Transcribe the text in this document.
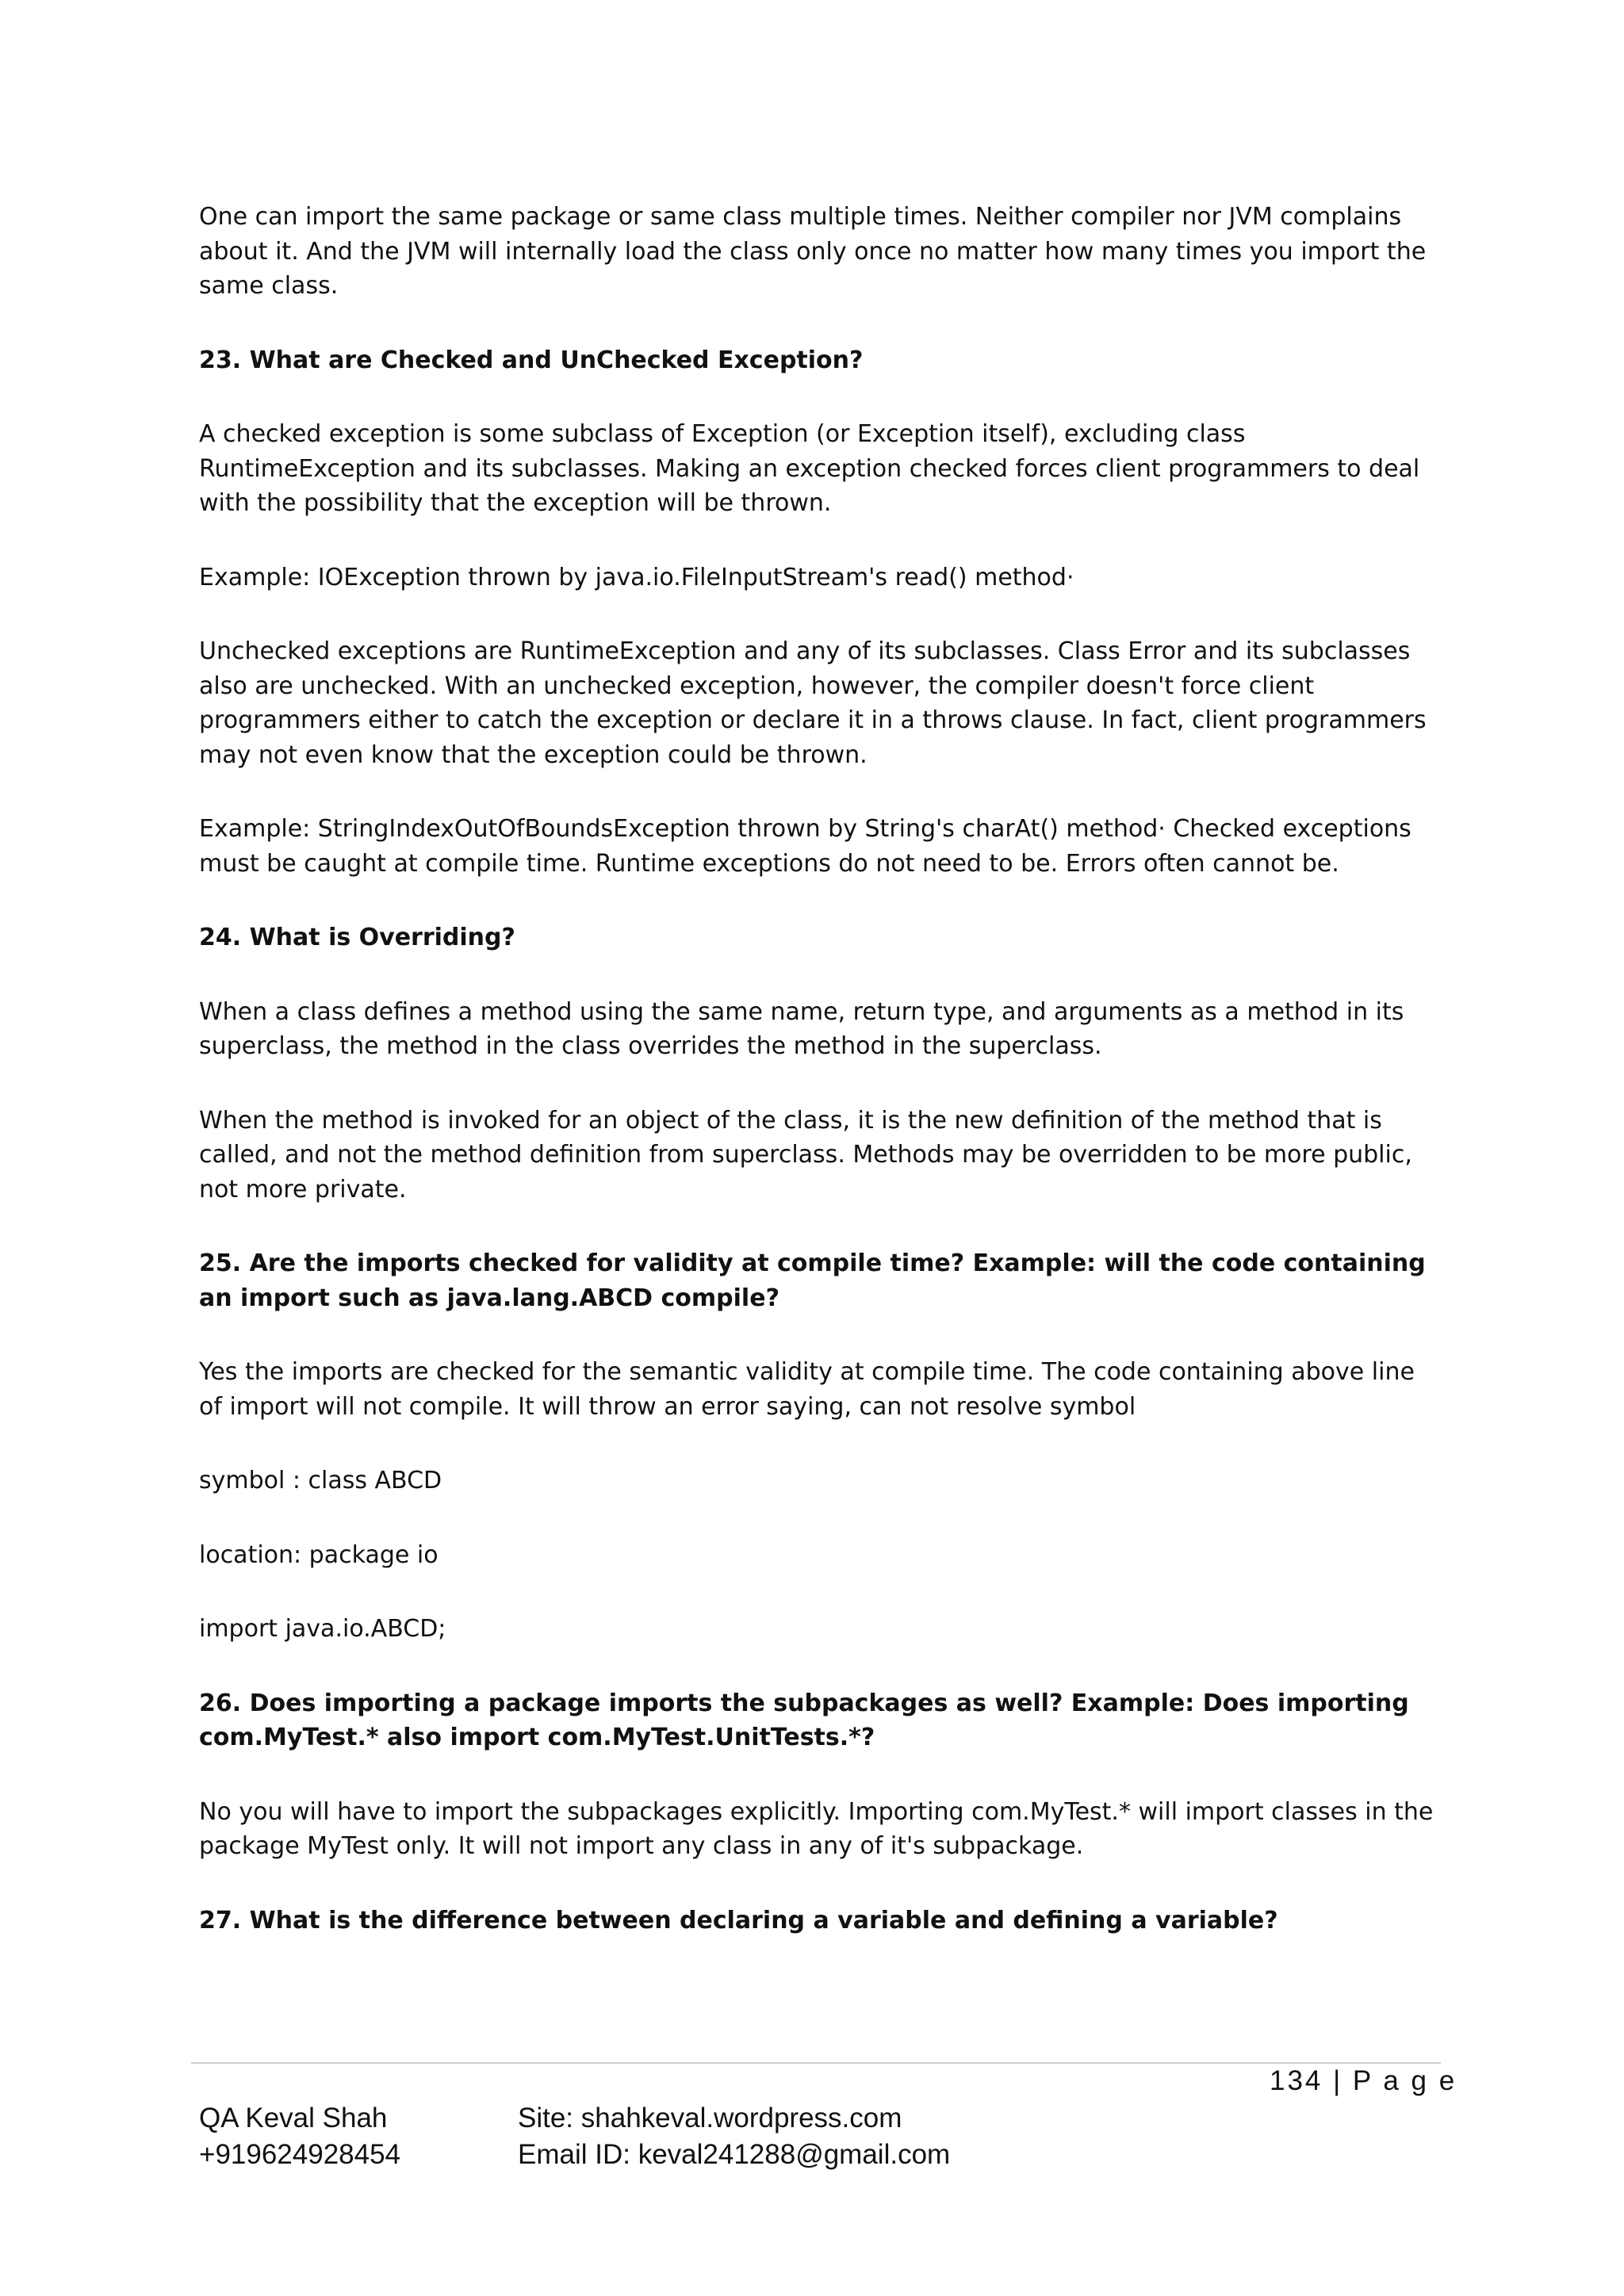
One can import the same package or same class multiple times. Neither compiler nor JVM complains about it. And the JVM will internally load the class only once no matter how many times you import the same class.

23. What are Checked and UnChecked Exception?

A checked exception is some subclass of Exception (or Exception itself), excluding class RuntimeException and its subclasses. Making an exception checked forces client programmers to deal with the possibility that the exception will be thrown.

Example: IOException thrown by java.io.FileInputStream's read() method·

Unchecked exceptions are RuntimeException and any of its subclasses. Class Error and its subclasses also are unchecked. With an unchecked exception, however, the compiler doesn't force client programmers either to catch the exception or declare it in a throws clause. In fact, client programmers may not even know that the exception could be thrown.

Example: StringIndexOutOfBoundsException thrown by String's charAt() method· Checked exceptions must be caught at compile time. Runtime exceptions do not need to be. Errors often cannot be.

24. What is Overriding?

When a class defines a method using the same name, return type, and arguments as a method in its superclass, the method in the class overrides the method in the superclass.

When the method is invoked for an object of the class, it is the new definition of the method that is called, and not the method definition from superclass. Methods may be overridden to be more public, not more private.

25. Are the imports checked for validity at compile time? Example: will the code containing an import such as java.lang.ABCD compile?

Yes the imports are checked for the semantic validity at compile time. The code containing above line of import will not compile. It will throw an error saying, can not resolve symbol

symbol : class ABCD

location: package io

import java.io.ABCD;

26. Does importing a package imports the subpackages as well? Example: Does importing com.MyTest.* also import com.MyTest.UnitTests.*?

No you will have to import the subpackages explicitly. Importing com.MyTest.* will import classes in the package MyTest only. It will not import any class in any of it's subpackage.

27. What is the difference between declaring a variable and defining a variable?
134 | P a g e
QA Keval Shah
+919624928454
Site: shahkeval.wordpress.com
Email ID: keval241288@gmail.com
